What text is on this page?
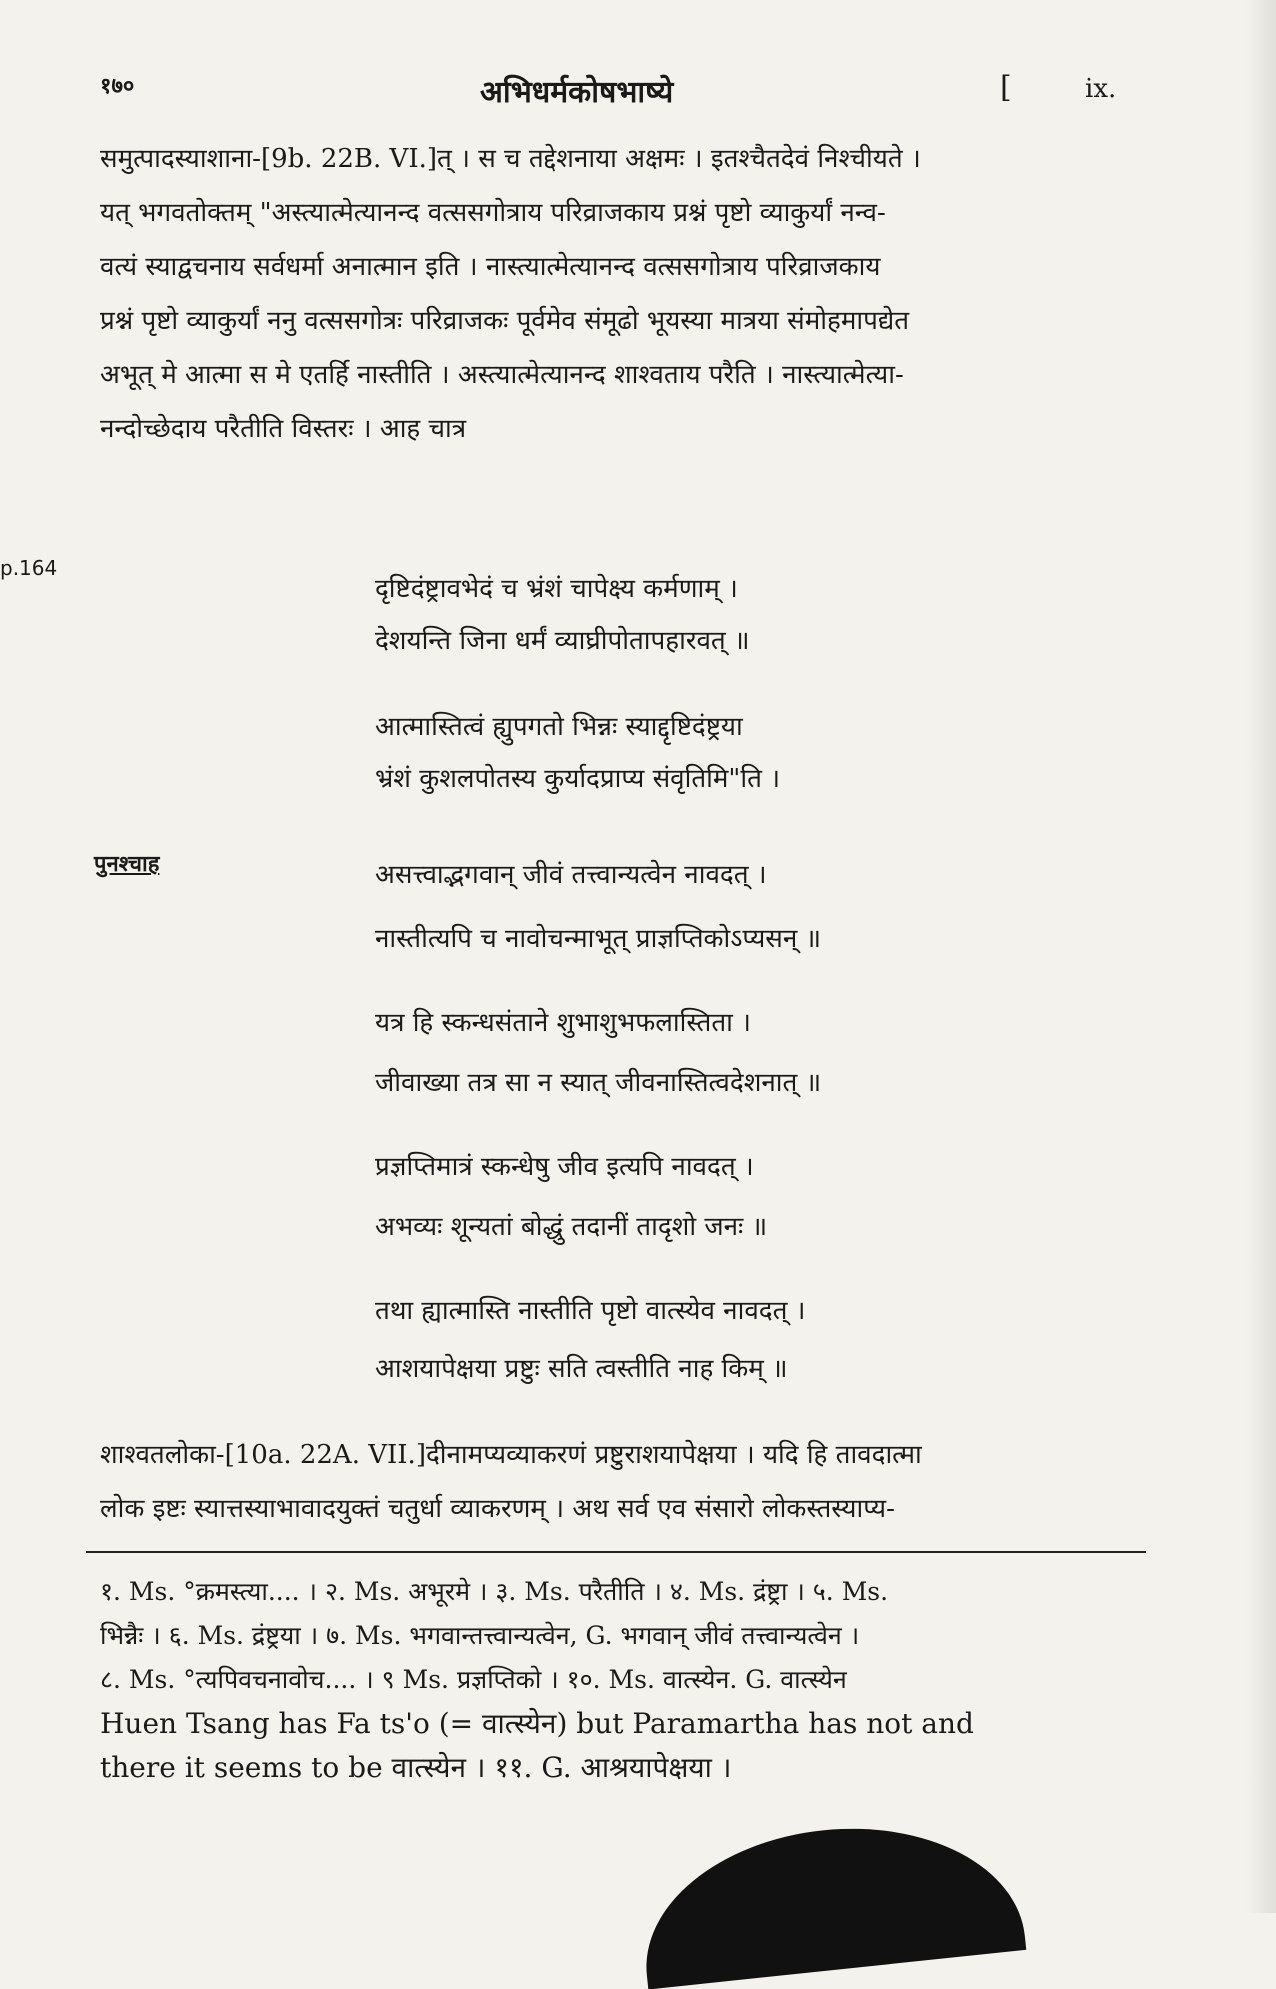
१७०	अभिधर्मकोषभाष्ये	[	ix.
समुत्पादस्याशाना-[9b. 22B. VI.]त् । स च तद्देशनाया अक्षमः । इतश्चैतदेवं निश्चीयते ।
यत् भगवतोक्तम् "अस्त्यात्मेत्यानन्द वत्ससगोत्राय परिव्राजकाय प्रश्नं पृष्टो व्याकुर्यां नन्व-
वत्यं स्याद्वचनाय सर्वधर्मा अनात्मान इति । नास्त्यात्मेत्यानन्द वत्ससगोत्राय परिव्राजकाय
प्रश्नं पृष्टो व्याकुर्यां ननु वत्ससगोत्रः परिव्राजकः पूर्वमेव संमूढो भूयस्या मात्रया संमोहमापद्येत
अभूत् मे आत्मा स मे एतर्हि नास्तीति । अस्त्यात्मेत्यानन्द शाश्वताय परैति । नास्त्यात्मेत्या-
नन्दोच्छेदाय परैतीति विस्तरः । आह चात्र
p.164
पुनश्चाह
दृष्टिदंष्ट्रावभेदं च भ्रंशं चापेक्ष्य कर्मणाम् ।
देशयन्ति जिना धर्मं व्याघ्रीपोतापहारवत् ॥
आत्मास्तित्वं ह्युपगतो भिन्नः स्याद्दृष्टिदंष्ट्रया
भ्रंशं कुशलपोतस्य कुर्यादप्राप्य संवृतिमि"ति ।
असत्त्वाद्भगवान् जीवं तत्त्वान्यत्वेन नावदत् ।
नास्तीत्यपि च नावोचन्माभूत् प्राज्ञप्तिकोऽप्यसन् ॥
यत्र हि स्कन्धसंताने शुभाशुभफलास्तिता ।
जीवाख्या तत्र सा न स्यात् जीवनास्तित्वदेशनात् ॥
प्रज्ञप्तिमात्रं स्कन्धेषु जीव इत्यपि नावदत् ।
अभव्यः शून्यतां बोद्धुं तदानीं तादृशो जनः ॥
तथा ह्यात्मास्ति नास्तीति पृष्टो वात्स्येव नावदत् ।
आशयापेक्षया प्रष्टुः सति त्वस्तीति नाह किम् ॥
शाश्वतलोका-[10a. 22A. VII.]दीनामप्यव्याकरणं प्रष्टुराशयापेक्षया । यदि हि तावदात्मा
लोक इष्टः स्यात्तस्याभावादयुक्तं चतुर्धा व्याकरणम् । अथ सर्व एव संसारो लोकस्तस्याप्य-
१. Ms. °क्रमस्त्या.... । २. Ms. अभूरमे । ३. Ms. परैतीति । ४. Ms. द्रंष्ट्रा । ५. Ms.
भिन्नैः । ६. Ms. द्रंष्ट्रया । ७. Ms. भगवान्तत्त्वान्यत्वेन, G. भगवान् जीवं तत्त्वान्यत्वेन ।
८. Ms. °त्यपिवचनावोच.... । ९ Ms. प्रज्ञप्तिको । १०. Ms. वात्स्येन. G. वात्स्येन
Huen Tsang has Fa ts'o (= वात्स्येन) but Paramartha has not and
there it seems to be वात्स्येन । ११. G. आश्रयापेक्षया ।
